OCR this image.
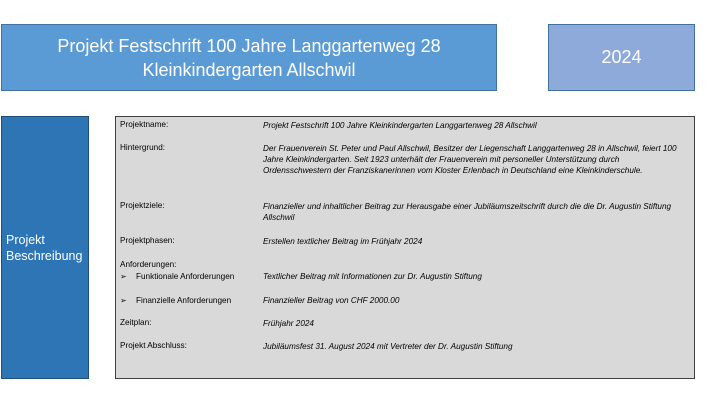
Projekt Festschrift 100 Jahre Langgartenweg 28
Kleinkindergarten Allschwil
2024
Projekt
Beschreibung
Projektname:	Projekt Festschrift 100 Jahre Kleinkindergarten Langgartenweg 28 Allschwil
Hintergrund:	Der Frauenverein St. Peter und Paul Allschwil, Besitzer der Liegenschaft Langgartenweg 28 in Allschwil, feiert 100 Jahre Kleinkindergarten. Seit 1923 unterhält der Frauenverein mit personeller Unterstützung durch Ordensschwestern der Franziskanerinnen vom Kloster Erlenbach in Deutschland eine Kleinkinderschule.
Projektziele:	Finanzieller und inhaltlicher Beitrag zur Herausgabe einer Jubiläumszeitschrift durch die die Dr. Augustin Stiftung Allschwil
Projektphasen:	Erstellen textlicher Beitrag im Frühjahr 2024
Anforderungen:
➢ Funktionale Anforderungen	Textlicher Beitrag mit Informationen zur Dr. Augustin Stiftung
➢ Finanzielle Anforderungen	Finanzieller Beitrag von CHF 2000.00
Zeitplan:	Frühjahr 2024
Projekt Abschluss:	Jubiläumsfest 31. August 2024 mit Vertreter der Dr. Augustin Stiftung
